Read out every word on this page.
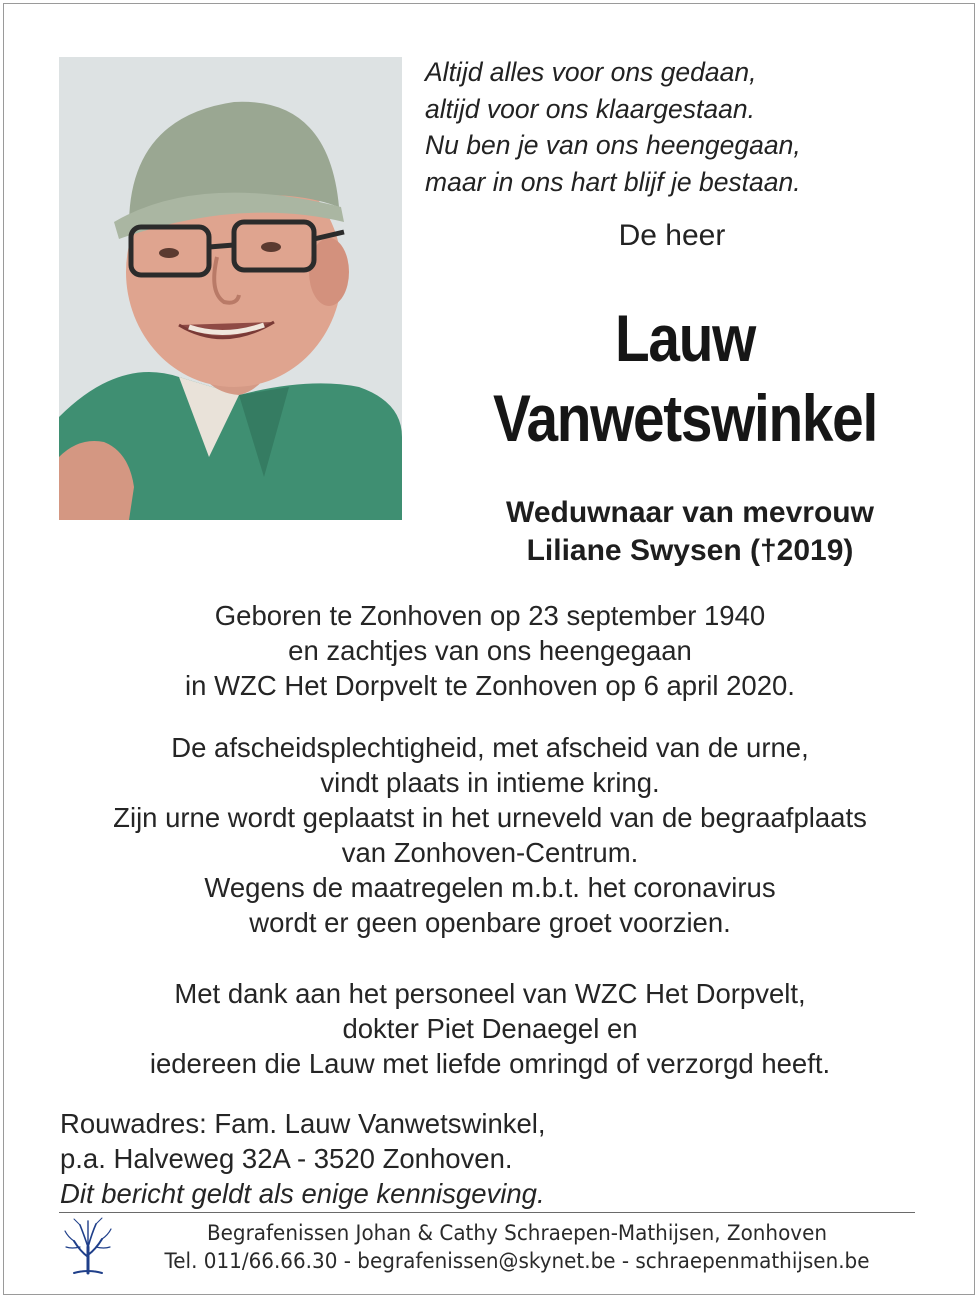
Altijd alles voor ons gedaan,
altijd voor ons klaargestaan.
Nu ben je van ons heengegaan,
maar in ons hart blijf je bestaan.
De heer
Lauw
Vanwetswinkel
Weduwnaar van mevrouw
Liliane Swysen (†2019)
Geboren te Zonhoven op 23 september 1940
en zachtjes van ons heengegaan
in WZC Het Dorpvelt te Zonhoven op 6 april 2020.
De afscheidsplechtigheid, met afscheid van de urne,
vindt plaats in intieme kring.
Zijn urne wordt geplaatst in het urneveld van de begraafplaats
van Zonhoven-Centrum.
Wegens de maatregelen m.b.t. het coronavirus
wordt er geen openbare groet voorzien.
Met dank aan het personeel van WZC Het Dorpvelt,
dokter Piet Denaegel en
iedereen die Lauw met liefde omringd of verzorgd heeft.
Rouwadres: Fam. Lauw Vanwetswinkel,
p.a. Halveweg 32A - 3520 Zonhoven.
Dit bericht geldt als enige kennisgeving.
Begrafenissen Johan & Cathy Schraepen-Mathijsen, Zonhoven
Tel. 011/66.66.30 - begrafenissen@skynet.be - schraepenmathijsen.be
